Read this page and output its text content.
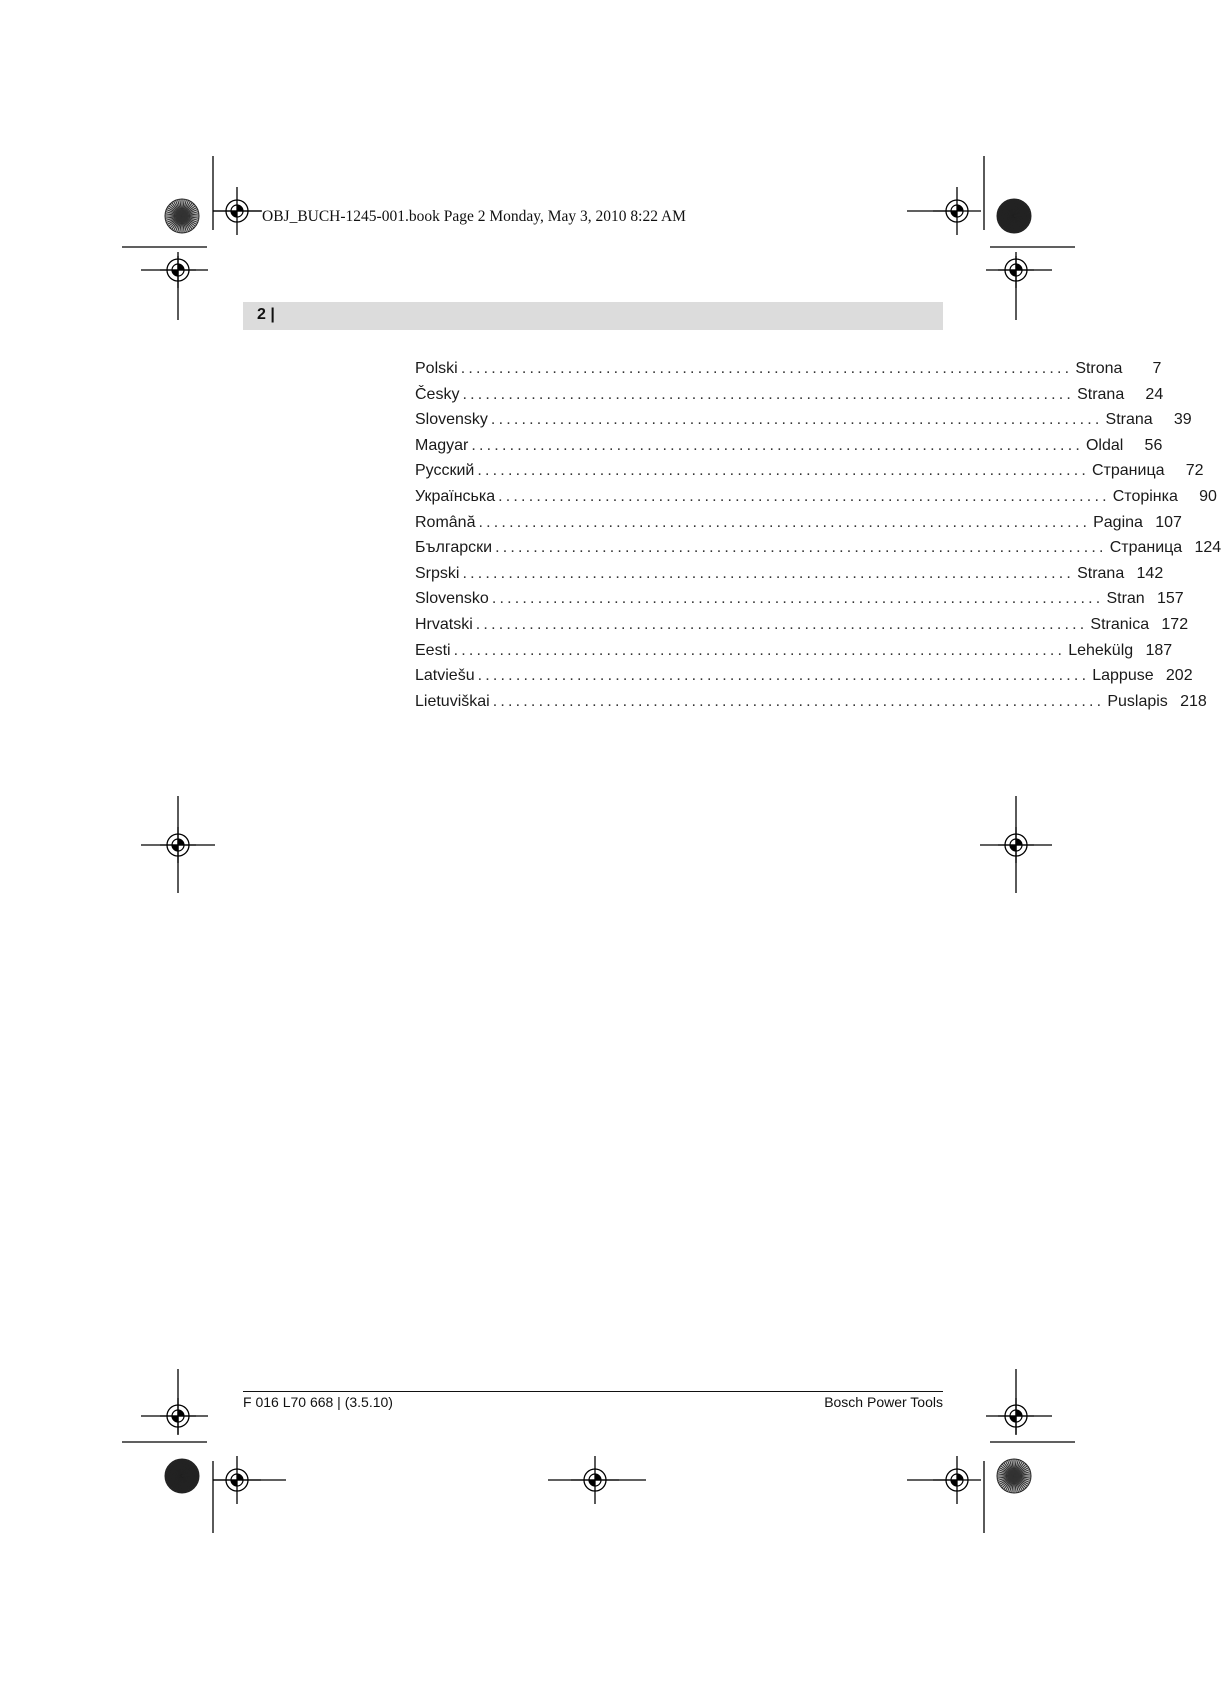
OBJ_BUCH-1245-001.book Page 2 Monday, May 3, 2010 8:22 AM
2 |
Polski ................................................................................ Strona	7
Česky ................................................................................ Strana	24
Slovensky ................................................................................ Strana	39
Magyar ................................................................................ Oldal	56
Русский ................................................................................ Страница	72
Українська ................................................................................ Сторінка	90
Română ................................................................................ Pagina 107
Български ................................................................................ Страница 124
Srpski ................................................................................ Strana 142
Slovensko ................................................................................ Stran 157
Hrvatski ................................................................................ Stranica 172
Eesti ................................................................................ Lehekülg 187
Latviešu ................................................................................ Lappuse 202
Lietuviškai ................................................................................ Puslapis 218
F 016 L70 668 | (3.5.10)	Bosch Power Tools
